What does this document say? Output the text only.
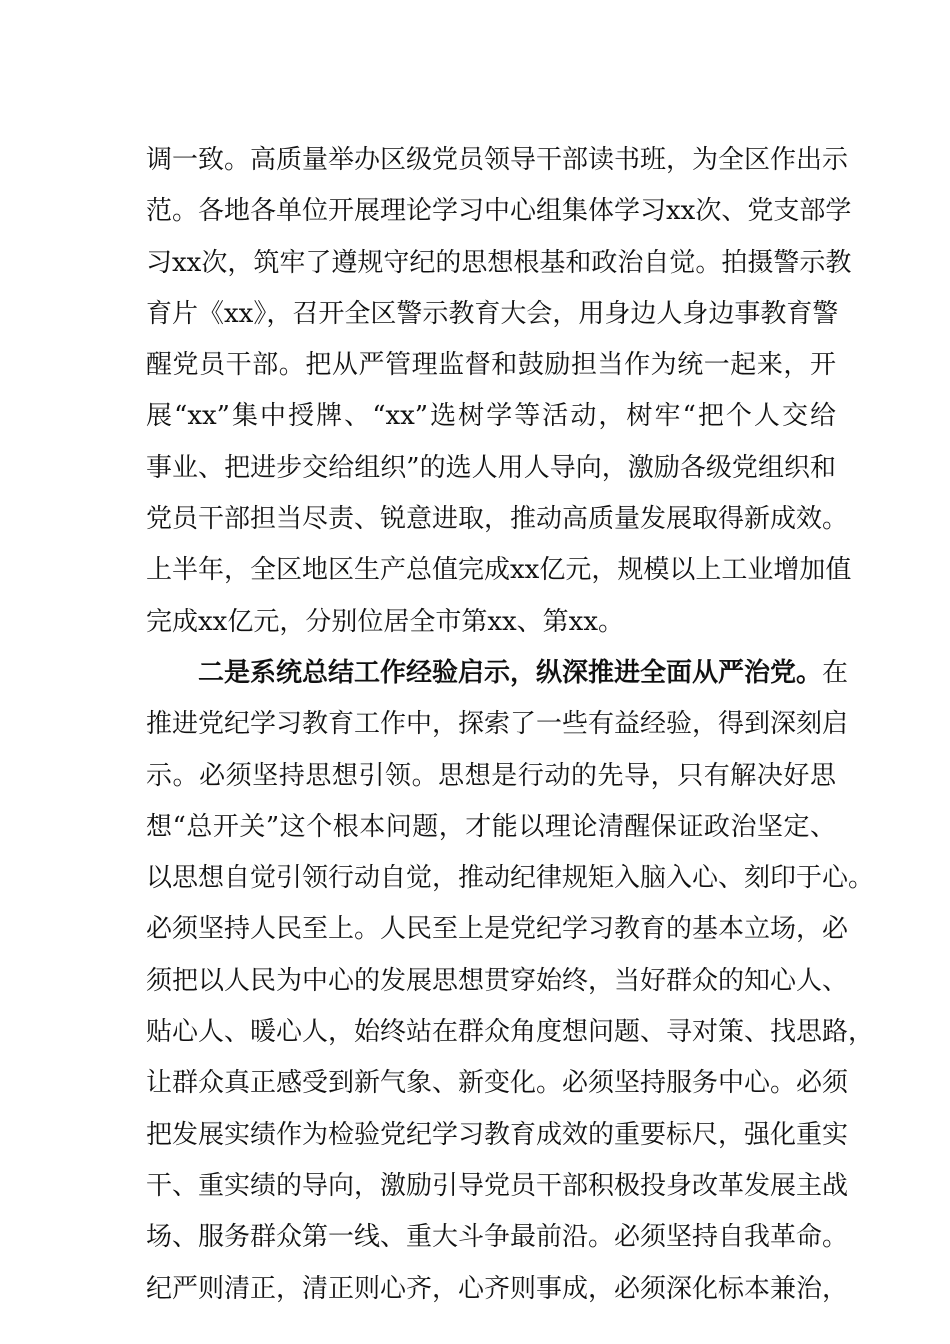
调一致。高质量举办区级党员领导干部读书班，为全区作出示
范。各地各单位开展理论学习中心组集体学习xx次、党支部学
习xx次，筑牢了遵规守纪的思想根基和政治自觉。拍摄警示教
育片《xx》，召开全区警示教育大会，用身边人身边事教育警
醒党员干部。把从严管理监督和鼓励担当作为统一起来，开
展“xx”集中授牌、“xx”选树学等活动，树牢“把个人交给
事业、把进步交给组织”的选人用人导向，激励各级党组织和
党员干部担当尽责、锐意进取，推动高质量发展取得新成效。
上半年，全区地区生产总值完成xx亿元，规模以上工业增加值
完成xx亿元，分别位居全市第xx、第xx。
二是系统总结工作经验启示，纵深推进全面从严治党。在
推进党纪学习教育工作中，探索了一些有益经验，得到深刻启
示。必须坚持思想引领。思想是行动的先导，只有解决好思
想“总开关”这个根本问题，才能以理论清醒保证政治坚定、
以思想自觉引领行动自觉，推动纪律规矩入脑入心、刻印于心。
必须坚持人民至上。人民至上是党纪学习教育的基本立场，必
须把以人民为中心的发展思想贯穿始终，当好群众的知心人、
贴心人、暖心人，始终站在群众角度想问题、寻对策、找思路，
让群众真正感受到新气象、新变化。必须坚持服务中心。必须
把发展实绩作为检验党纪学习教育成效的重要标尺，强化重实
干、重实绩的导向，激励引导党员干部积极投身改革发展主战
场、服务群众第一线、重大斗争最前沿。必须坚持自我革命。
纪严则清正，清正则心齐，心齐则事成，必须深化标本兼治，
